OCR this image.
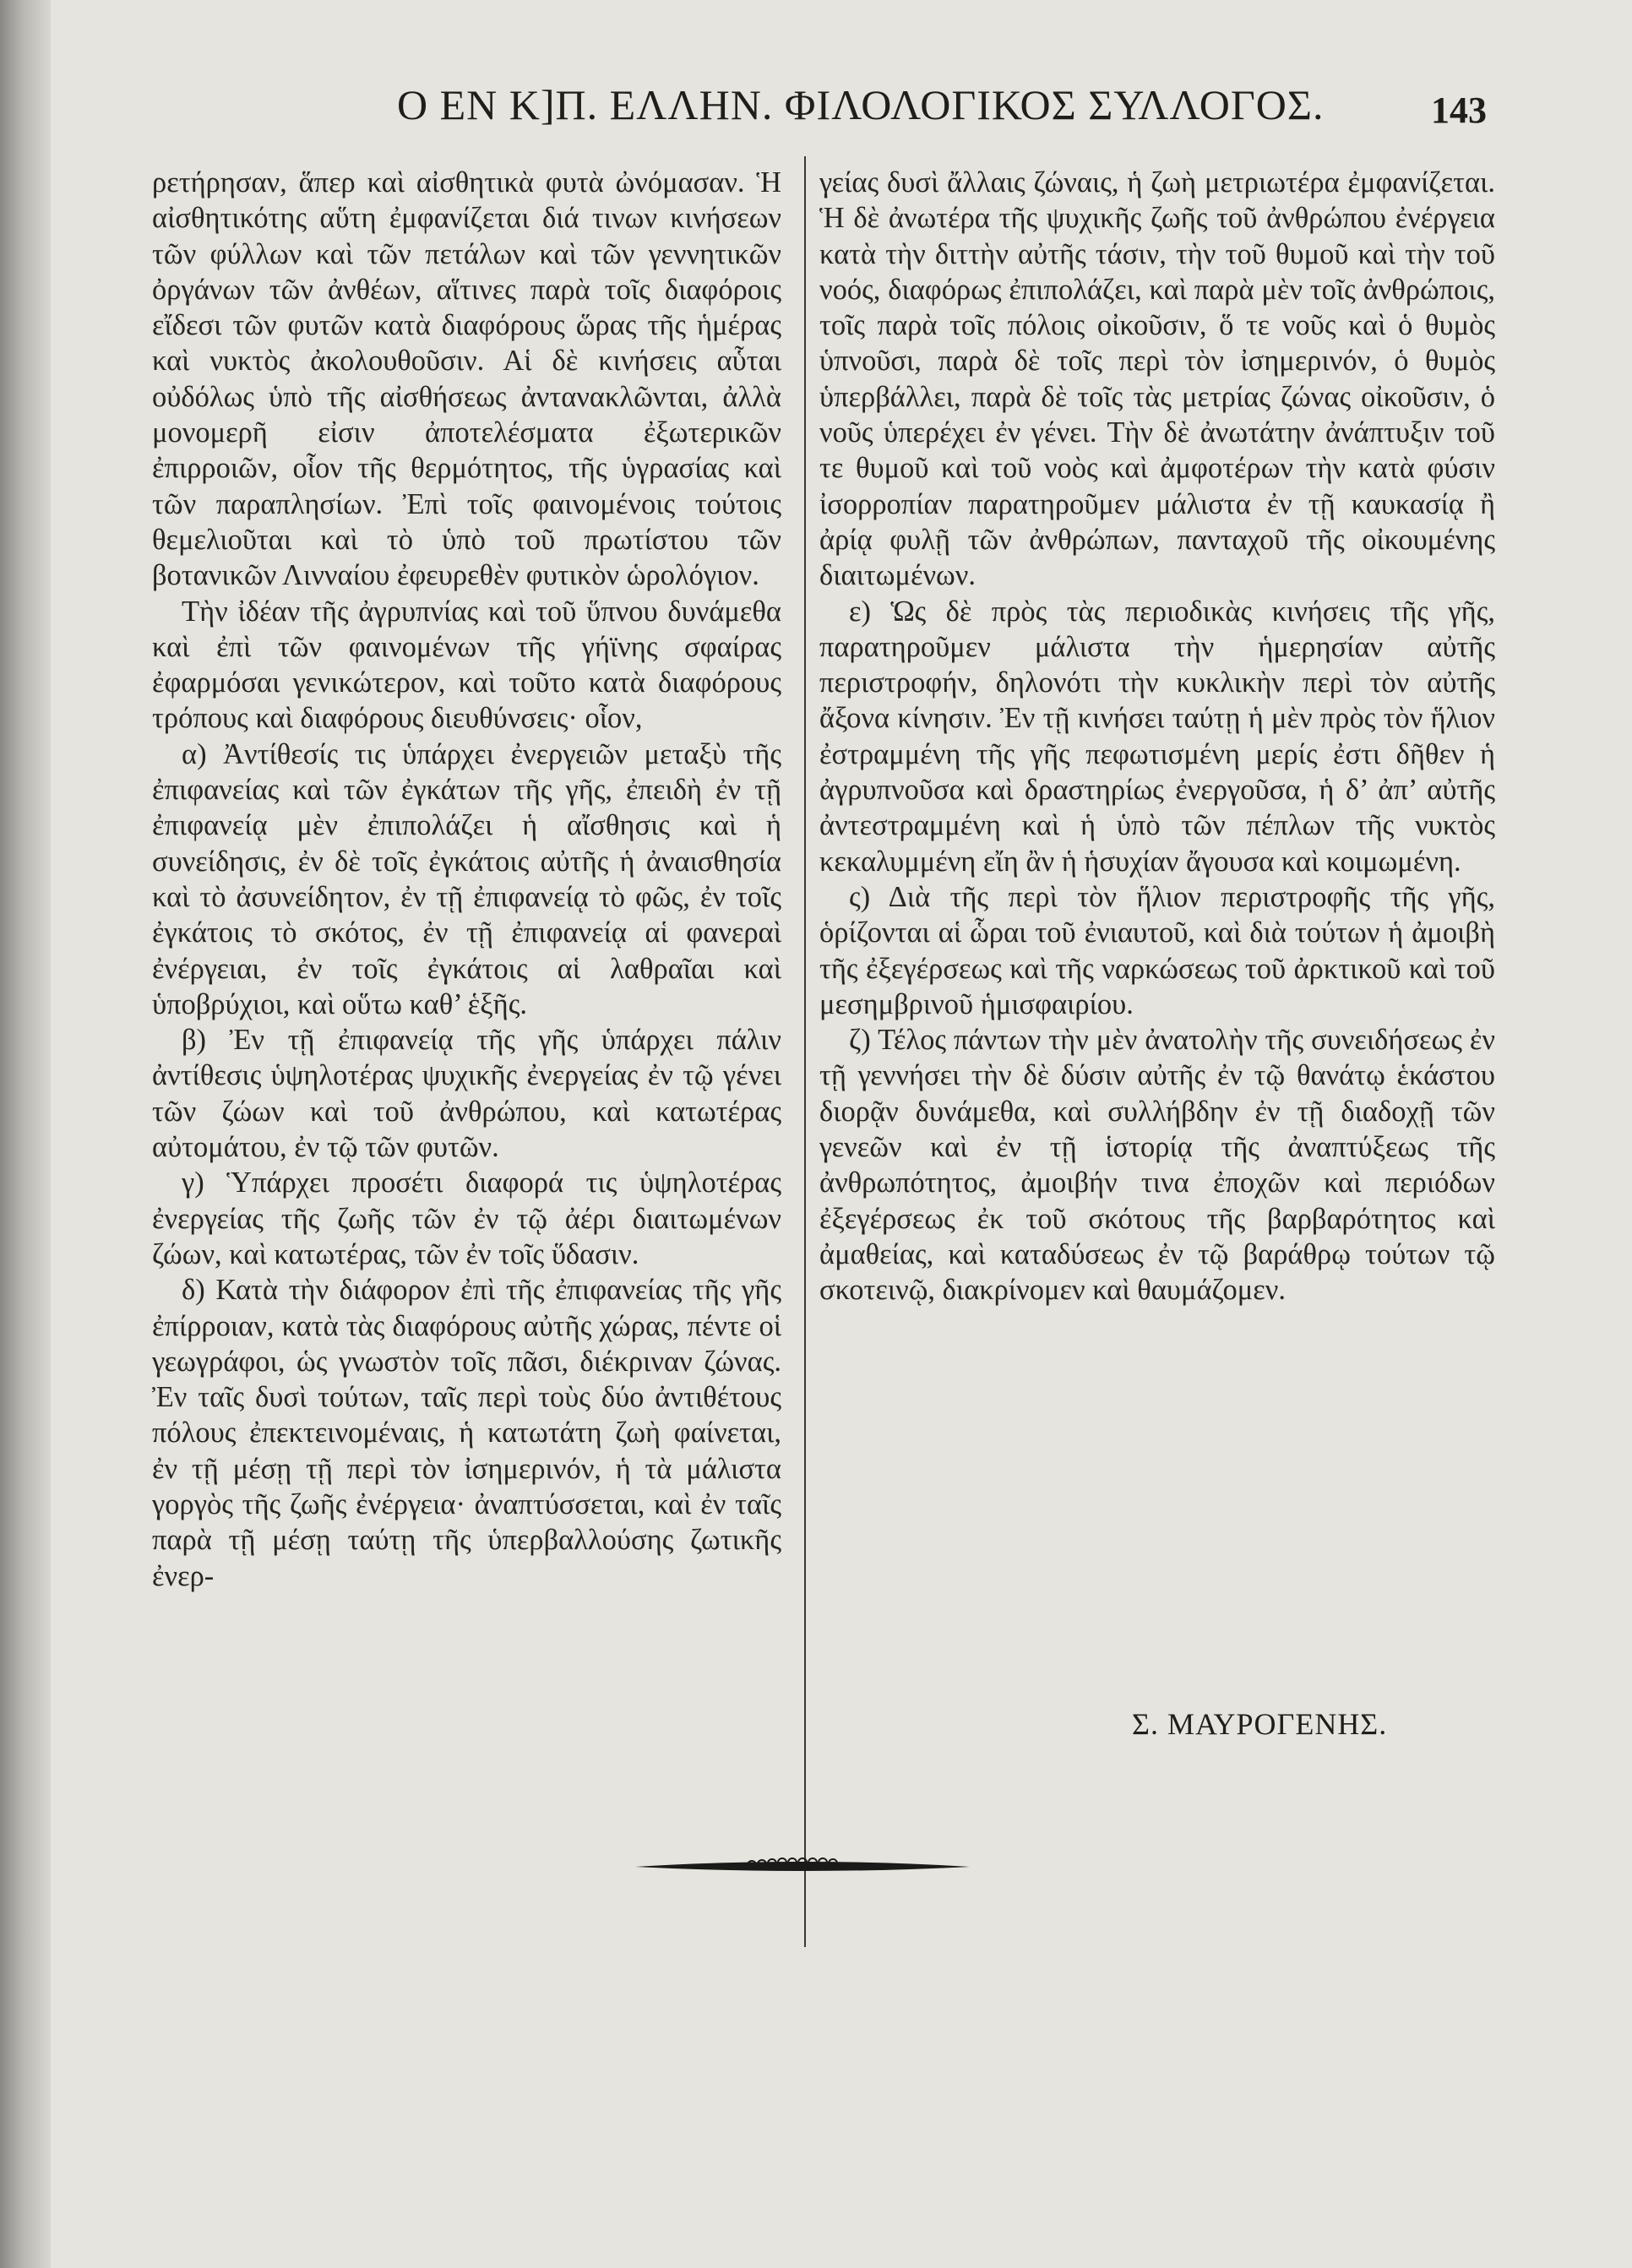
Ο ΕΝ Κ]Π. ΕΛΛΗΝ. ΦΙΛΟΛΟΓΙΚΟΣ ΣΥΛΛΟΓΟΣ.	143

ρετήρησαν, ἅπερ καὶ αἰσθητικὰ φυτὰ ὠνόμασαν. Ἡ αἰσθητικότης αὕτη ἐμφανίζεται διά τινων κινήσεων τῶν φύλλων καὶ τῶν πετάλων καὶ τῶν γεννητικῶν ὀργάνων τῶν ἀνθέων, αἵτινες παρὰ τοῖς διαφόροις εἴδεσι τῶν φυτῶν κατὰ διαφόρους ὥρας τῆς ἡμέρας καὶ νυκτὸς ἀκολουθοῦσιν. Αἱ δὲ κινήσεις αὗται οὐδόλως ὑπὸ τῆς αἰσθήσεως ἀντανακλῶνται, ἀλλὰ μονομερῆ εἰσιν ἀποτελέσματα ἐξωτερικῶν ἐπιρροιῶν, οἷον τῆς θερμότητος, τῆς ὑγρασίας καὶ τῶν παραπλησίων. Ἐπὶ τοῖς φαινομένοις τούτοις θεμελιοῦται καὶ τὸ ὑπὸ τοῦ πρωτίστου τῶν βοτανικῶν Λινναίου ἐφευρεθὲν φυτικὸν ὡρολόγιον.

Τὴν ἰδέαν τῆς ἀγρυπνίας καὶ τοῦ ὕπνου δυνάμεθα καὶ ἐπὶ τῶν φαινομένων τῆς γήϊνης σφαίρας ἐφαρμόσαι γενικώτερον, καὶ τοῦτο κατὰ διαφόρους τρόπους καὶ διαφόρους διευθύνσεις· οἷον,

α) Ἀντίθεσίς τις ὑπάρχει ἐνεργειῶν μεταξὺ τῆς ἐπιφανείας καὶ τῶν ἐγκάτων τῆς γῆς, ἐπειδὴ ἐν τῇ ἐπιφανείᾳ μὲν ἐπιπολάζει ἡ αἴσθησις καὶ ἡ συνείδησις, ἐν δὲ τοῖς ἐγκάτοις αὐτῆς ἡ ἀναισθησία καὶ τὸ ἀσυνείδητον, ἐν τῇ ἐπιφανείᾳ τὸ φῶς, ἐν τοῖς ἐγκάτοις τὸ σκότος, ἐν τῇ ἐπιφανείᾳ αἱ φανεραὶ ἐνέργειαι, ἐν τοῖς ἐγκάτοις αἱ λαθραῖαι καὶ ὑποβρύχιοι, καὶ οὕτω καθ’ ἑξῆς.

β) Ἐν τῇ ἐπιφανείᾳ τῆς γῆς ὑπάρχει πάλιν ἀντίθεσις ὑψηλοτέρας ψυχικῆς ἐνεργείας ἐν τῷ γένει τῶν ζώων καὶ τοῦ ἀνθρώπου, καὶ κατωτέρας αὐτομάτου, ἐν τῷ τῶν φυτῶν.

γ) Ὑπάρχει προσέτι διαφορά τις ὑψηλοτέρας ἐνεργείας τῆς ζωῆς τῶν ἐν τῷ ἀέρι διαιτωμένων ζώων, καὶ κατωτέρας, τῶν ἐν τοῖς ὕδασιν.

δ) Κατὰ τὴν διάφορον ἐπὶ τῆς ἐπιφανείας τῆς γῆς ἐπίρροιαν, κατὰ τὰς διαφόρους αὐτῆς χώρας, πέντε οἱ γεωγράφοι, ὡς γνωστὸν τοῖς πᾶσι, διέκριναν ζώνας. Ἐν ταῖς δυσὶ τούτων, ταῖς περὶ τοὺς δύο ἀντιθέτους πόλους ἐπεκτεινομέναις, ἡ κατωτάτη ζωὴ φαίνεται, ἐν τῇ μέσῃ τῇ περὶ τὸν ἰσημερινόν, ἡ τὰ μάλιστα γοργὸς τῆς ζωῆς ἐνέργεια· ἀναπτύσσεται, καὶ ἐν ταῖς παρὰ τῇ μέσῃ ταύτῃ τῆς ὑπερβαλλούσης ζωτικῆς ἐνερ-

γείας δυσὶ ἄλλαις ζώναις, ἡ ζωὴ μετριωτέρα ἐμφανίζεται. Ἡ δὲ ἀνωτέρα τῆς ψυχικῆς ζωῆς τοῦ ἀνθρώπου ἐνέργεια κατὰ τὴν διττὴν αὐτῆς τάσιν, τὴν τοῦ θυμοῦ καὶ τὴν τοῦ νοός, διαφόρως ἐπιπολάζει, καὶ παρὰ μὲν τοῖς ἀνθρώποις, τοῖς παρὰ τοῖς πόλοις οἰκοῦσιν, ὅ τε νοῦς καὶ ὁ θυμὸς ὑπνοῦσι, παρὰ δὲ τοῖς περὶ τὸν ἰσημερινόν, ὁ θυμὸς ὑπερβάλλει, παρὰ δὲ τοῖς τὰς μετρίας ζώνας οἰκοῦσιν, ὁ νοῦς ὑπερέχει ἐν γένει. Τὴν δὲ ἀνωτάτην ἀνάπτυξιν τοῦ τε θυμοῦ καὶ τοῦ νοὸς καὶ ἀμφοτέρων τὴν κατὰ φύσιν ἰσορροπίαν παρατηροῦμεν μάλιστα ἐν τῇ καυκασίᾳ ἢ ἀρίᾳ φυλῇ τῶν ἀνθρώπων, πανταχοῦ τῆς οἰκουμένης διαιτωμένων.

ε) Ὡς δὲ πρὸς τὰς περιοδικὰς κινήσεις τῆς γῆς, παρατηροῦμεν μάλιστα τὴν ἡμερησίαν αὐτῆς περιστροφήν, δηλονότι τὴν κυκλικὴν περὶ τὸν αὐτῆς ἄξονα κίνησιν. Ἐν τῇ κινήσει ταύτῃ ἡ μὲν πρὸς τὸν ἥλιον ἐστραμμένη τῆς γῆς πεφωτισμένη μερίς ἐστι δῆθεν ἡ ἀγρυπνοῦσα καὶ δραστηρίως ἐνεργοῦσα, ἡ δ’ ἀπ’ αὐτῆς ἀντεστραμμένη καὶ ἡ ὑπὸ τῶν πέπλων τῆς νυκτὸς κεκαλυμμένη εἴη ἂν ἡ ἡσυχίαν ἄγουσα καὶ κοιμωμένη.

ς) Διὰ τῆς περὶ τὸν ἥλιον περιστροφῆς τῆς γῆς, ὁρίζονται αἱ ὧραι τοῦ ἐνιαυτοῦ, καὶ διὰ τούτων ἡ ἀμοιβὴ τῆς ἐξεγέρσεως καὶ τῆς ναρκώσεως τοῦ ἀρκτικοῦ καὶ τοῦ μεσημβρινοῦ ἡμισφαιρίου.

ζ) Τέλος πάντων τὴν μὲν ἀνατολὴν τῆς συνειδήσεως ἐν τῇ γεννήσει τὴν δὲ δύσιν αὐτῆς ἐν τῷ θανάτῳ ἑκάστου διορᾷν δυνάμεθα, καὶ συλλήβδην ἐν τῇ διαδοχῇ τῶν γενεῶν καὶ ἐν τῇ ἱστορίᾳ τῆς ἀναπτύξεως τῆς ἀνθρωπότητος, ἀμοιβήν τινα ἐποχῶν καὶ περιόδων ἐξεγέρσεως ἐκ τοῦ σκότους τῆς βαρβαρότητος καὶ ἀμαθείας, καὶ καταδύσεως ἐν τῷ βαράθρῳ τούτων τῷ σκοτεινῷ, διακρίνομεν καὶ θαυμάζομεν.

Σ. ΜΑΥΡΟΓΕΝΗΣ.
